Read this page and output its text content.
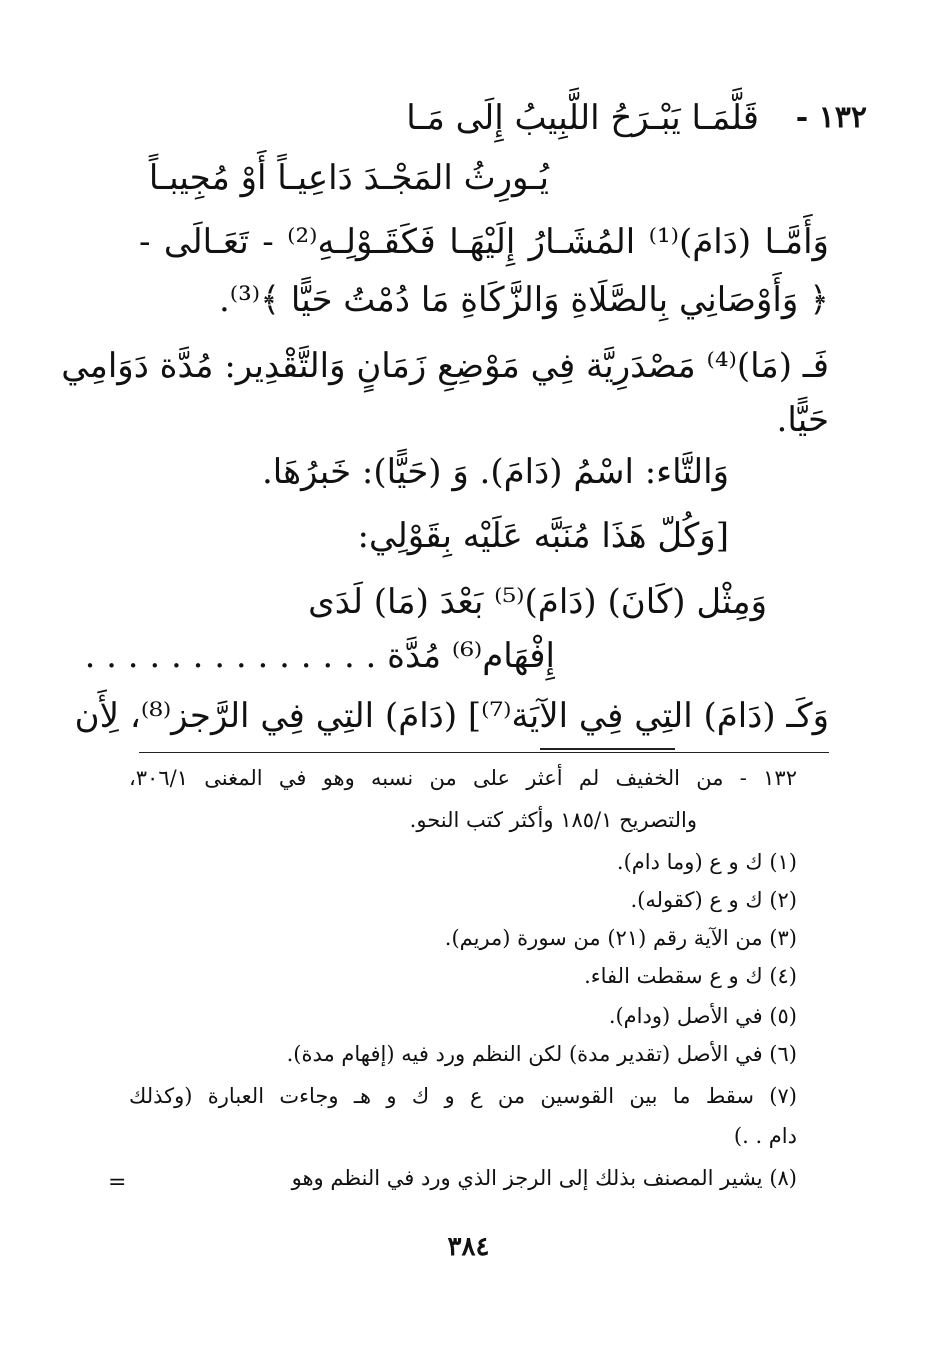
١٣٢ -
قَلَّمَـا يَبْـرَحُ اللَّبِيبُ إِلَى مَـا
يُـورِثُ المَجْـدَ دَاعِيـاً أَوْ مُجِيبـاً
وَأَمَّـا (دَامَ)⁽¹⁾ المُشَـارُ إِلَيْهَـا فَكَقَـوْلِـهِ⁽²⁾ - تَعَـالَى -
﴿ وَأَوْصَانِي بِالصَّلَاةِ وَالزَّكَاةِ مَا دُمْتُ حَيًّا ﴾⁽³⁾.
فَـ (مَا)⁽⁴⁾ مَصْدَرِيَّة فِي مَوْضِعِ زَمَانٍ وَالتَّقْدِير: مُدَّة دَوَامِي
حَيًّا.
وَالتَّاء: اسْمُ (دَامَ). وَ (حَيًّا): خَبرُهَا.
[وَكُلّ هَذَا مُنَبَّه عَلَيْه بِقَوْلِي:
وَمِثْل (كَانَ) (دَامَ)⁽⁵⁾ بَعْدَ (مَا) لَدَى
إِفْهَام⁽⁶⁾ مُدَّة . . . . . . . . . . . . . .
وَكَـ (دَامَ) التِي فِي الآيَة⁽⁷⁾] (دَامَ) التِي فِي الرَّجز⁽⁸⁾، لِأَن
١٣٢ - من الخفيف لم أعثر على من نسبه وهو في المغنى ٣٠٦/١،
والتصريح ١٨٥/١ وأكثر كتب النحو.
(١) ك و ع (وما دام).
(٢) ك و ع (كقوله).
(٣) من الآية رقم (٢١) من سورة (مريم).
(٤) ك و ع سقطت الفاء.
(٥) في الأصل (ودام).
(٦) في الأصل (تقدير مدة) لكن النظم ورد فيه (إفهام مدة).
(٧) سقط ما بين القوسين من ع و ك و هـ وجاءت العبارة (وكذلك
دام . .)
(٨) يشير المصنف بذلك إلى الرجز الذي ورد في النظم وهو
=
٣٨٤
